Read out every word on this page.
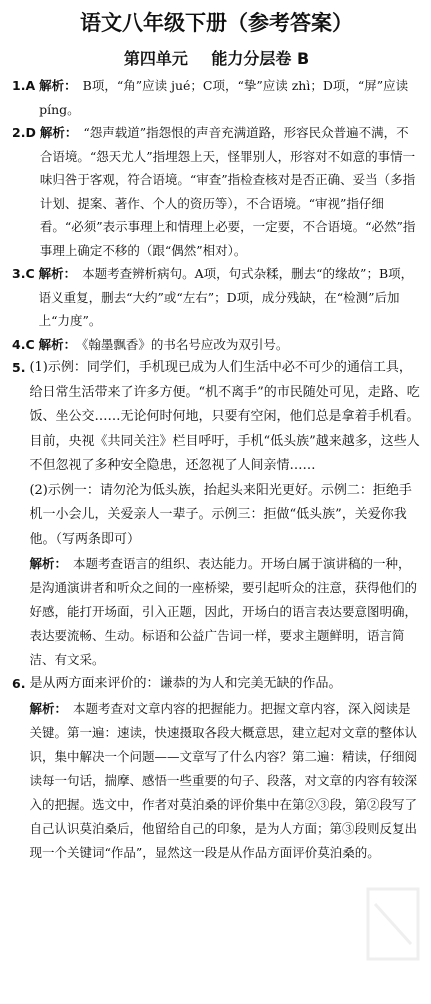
语文八年级下册（参考答案）
第四单元 能力分层卷 B
1.A 解析： B项，“角”应读 jué；C项，“挚”应读 zhì；D项，“屏”应读 píng。
2.D 解析： “怨声载道”指怨恨的声音充满道路，形容民众普遍不满，不合语境。“怨天尤人”指埋怨上天，怪罪别人，形容对不如意的事情一味归咎于客观，符合语境。“审查”指检查核对是否正确、妥当（多指计划、提案、著作、个人的资历等），不合语境。“审视”指仔细看。“必须”表示事理上和情理上必要，一定要，不合语境。“必然”指事理上确定不移的（跟“偶然”相对）。
3.C 解析： 本题考查辨析病句。A项，句式杂糅，删去“的缘故”；B项，语义重复，删去“大约”或“左右”；D项，成分残缺，在“检测”后加上“力度”。
4.C 解析： 《翰墨飘香》的书名号应改为双引号。
5. (1)示例：同学们，手机现已成为人们生活中必不可少的通信工具，给日常生活带来了许多方便。“机不离手”的市民随处可见，走路、吃饭、坐公交……无论何时何地，只要有空闲，他们总是拿着手机看。目前，央视《共同关注》栏目呼吁，手机“低头族”越来越多，这些人不但忽视了多种安全隐患，还忽视了人间亲情……
(2)示例一：请勿沦为低头族，抬起头来阳光更好。示例二：拒绝手机一小会儿，关爱亲人一辈子。示例三：拒做“低头族”，关爱你我他。（写两条即可）
解析： 本题考查语言的组织、表达能力。开场白属于演讲稿的一种，是沟通演讲者和听众之间的一座桥梁，要引起听众的注意，获得他们的好感，能打开场面，引入正题，因此，开场白的语言表达要意图明确，表达要流畅、生动。标语和公益广告词一样，要求主题鲜明，语言简洁、有文采。
6. 是从两方面来评价的：谦恭的为人和完美无缺的作品。
解析： 本题考查对文章内容的把握能力。把握文章内容，深入阅读是关键。第一遍：速读，快速摄取各段大概意思，建立起对文章的整体认识，集中解决一个问题——文章写了什么内容？第二遍：精读，仔细阅读每一句话，揣摩、感悟一些重要的句子、段落，对文章的内容有较深入的把握。选文中，作者对莫泊桑的评价集中在第②③段，第②段写了自己认识莫泊桑后，他留给自己的印象，是为人方面；第③段则反复出现一个关键词“作品”，显然这一段是从作品方面评价莫泊桑的。
